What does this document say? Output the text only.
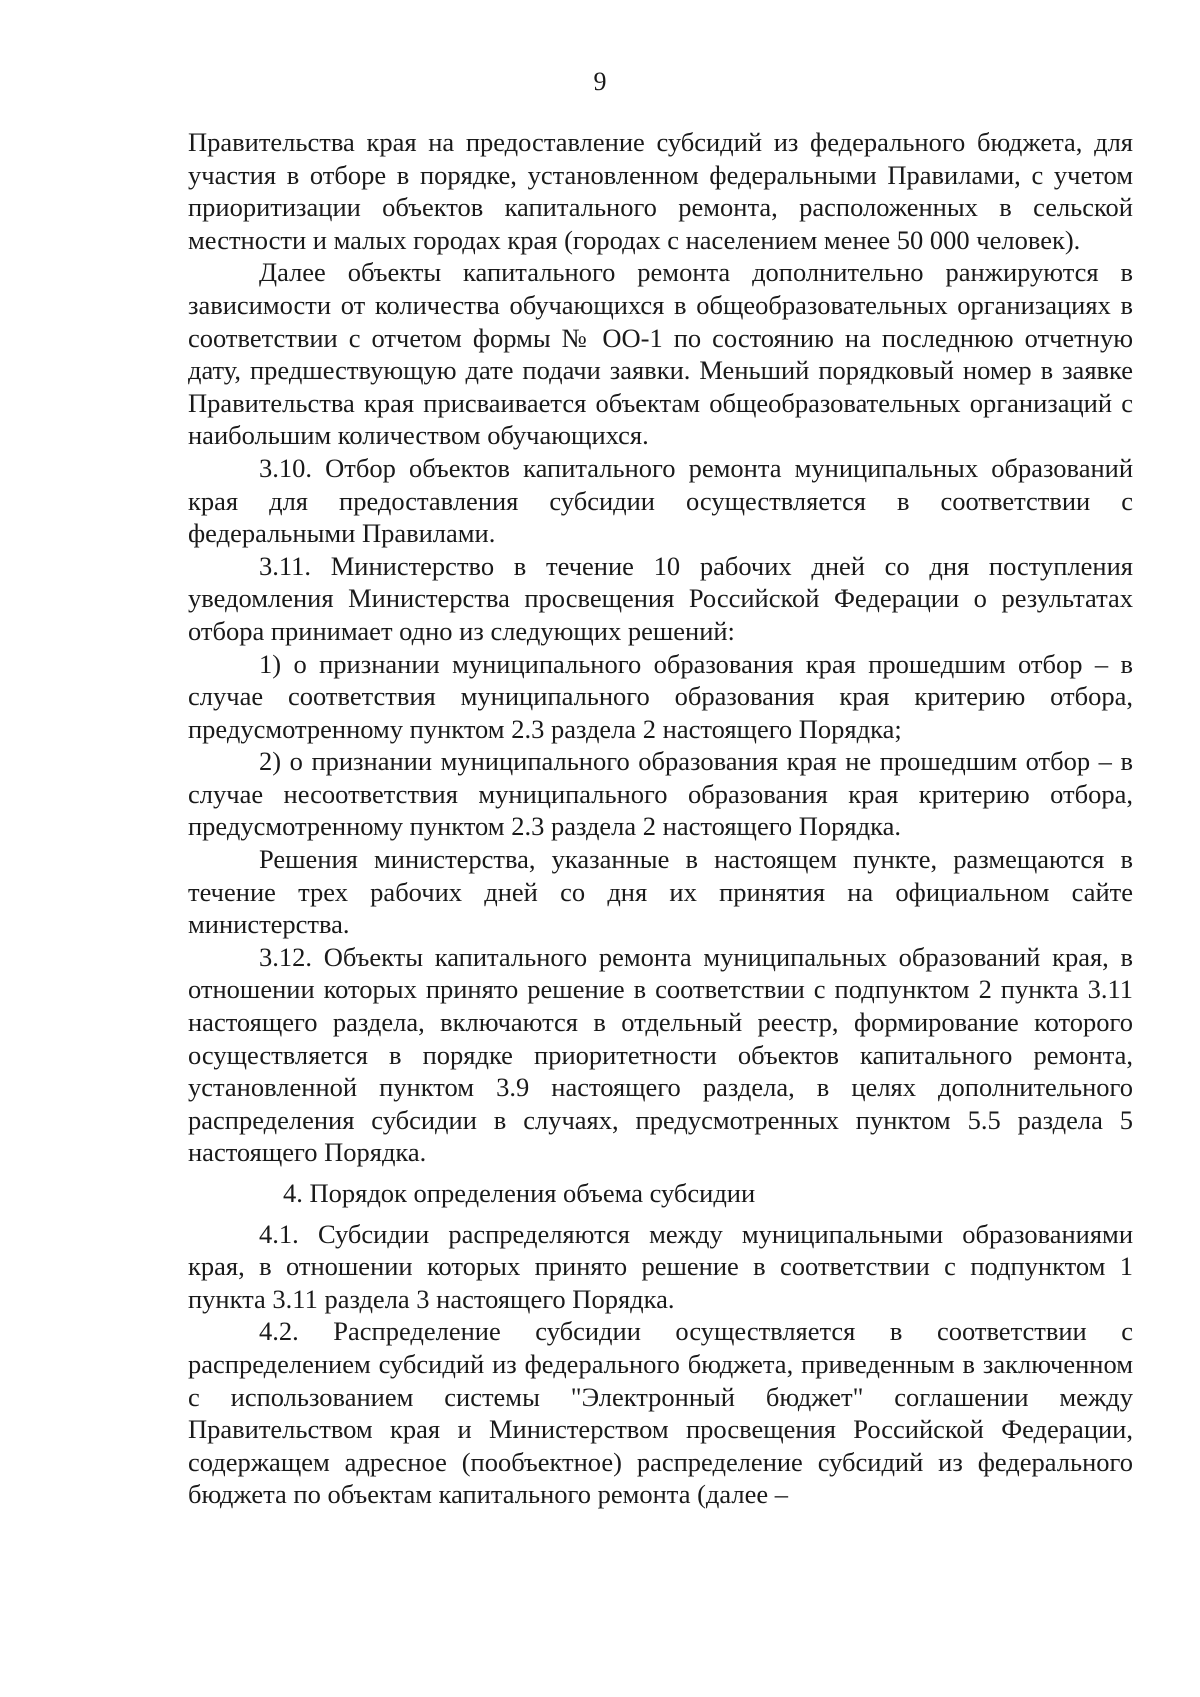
9

Правительства края на предоставление субсидий из федерального бюджета, для участия в отборе в порядке, установленном федеральными Правилами, с учетом приоритизации объектов капитального ремонта, расположенных в сельской местности и малых городах края (городах с населением менее 50 000 человек).

Далее объекты капитального ремонта дополнительно ранжируются в зависимости от количества обучающихся в общеобразовательных организациях в соответствии с отчетом формы № ОО-1 по состоянию на последнюю отчетную дату, предшествующую дате подачи заявки. Меньший порядковый номер в заявке Правительства края присваивается объектам общеобразовательных организаций с наибольшим количеством обучающихся.

3.10. Отбор объектов капитального ремонта муниципальных образований края для предоставления субсидии осуществляется в соответствии с федеральными Правилами.

3.11. Министерство в течение 10 рабочих дней со дня поступления уведомления Министерства просвещения Российской Федерации о результатах отбора принимает одно из следующих решений:

1) о признании муниципального образования края прошедшим отбор – в случае соответствия муниципального образования края критерию отбора, предусмотренному пунктом 2.3 раздела 2 настоящего Порядка;

2) о признании муниципального образования края не прошедшим отбор – в случае несоответствия муниципального образования края критерию отбора, предусмотренному пунктом 2.3 раздела 2 настоящего Порядка.

Решения министерства, указанные в настоящем пункте, размещаются в течение трех рабочих дней со дня их принятия на официальном сайте министерства.

3.12. Объекты капитального ремонта муниципальных образований края, в отношении которых принято решение в соответствии с подпунктом 2 пункта 3.11 настоящего раздела, включаются в отдельный реестр, формирование которого осуществляется в порядке приоритетности объектов капитального ремонта, установленной пунктом 3.9 настоящего раздела, в целях дополнительного распределения субсидии в случаях, предусмотренных пунктом 5.5 раздела 5 настоящего Порядка.

4. Порядок определения объема субсидии

4.1. Субсидии распределяются между муниципальными образованиями края, в отношении которых принято решение в соответствии с подпунктом 1 пункта 3.11 раздела 3 настоящего Порядка.

4.2. Распределение субсидии осуществляется в соответствии с распределением субсидий из федерального бюджета, приведенным в заключенном с использованием системы "Электронный бюджет" соглашении между Правительством края и Министерством просвещения Российской Федерации, содержащем адресное (пообъектное) распределение субсидий из федерального бюджета по объектам капитального ремонта (далее –
